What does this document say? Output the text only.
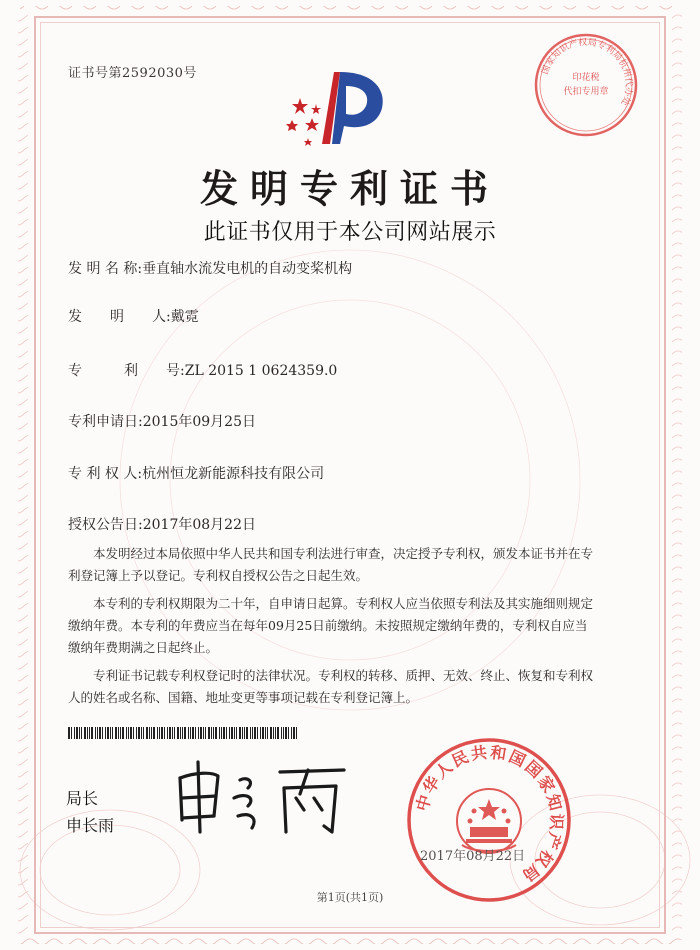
证书号第2592030号	国家知识产权局专利局杭州代办处
印花税
代扣专用章
发明专利证书
此证书仅用于本公司网站展示
发 明 名 称:垂直轴水流发电机的自动变桨机构
发　　明　　人:戴霓
专　　　利　　号:ZL 2015 1 0624359.0
专利申请日:2015年09月25日
专 利 权 人:杭州恒龙新能源科技有限公司
授权公告日:2017年08月22日

本发明经过本局依照中华人民共和国专利法进行审查，决定授予专利权，颁发本证书并在专利登记簿上予以登记。专利权自授权公告之日起生效。

本专利的专利权期限为二十年，自申请日起算。专利权人应当依照专利法及其实施细则规定缴纳年费。本专利的年费应当在每年09月25日前缴纳。未按照规定缴纳年费的，专利权自应当缴纳年费期满之日起终止。

专利证书记载专利权登记时的法律状况。专利权的转移、质押、无效、终止、恢复和专利权人的姓名或名称、国籍、地址变更等事项记载在专利登记簿上。

局长
申长雨
中华人民共和国国家知识产权局
2017年08月22日
第1页(共1页)
